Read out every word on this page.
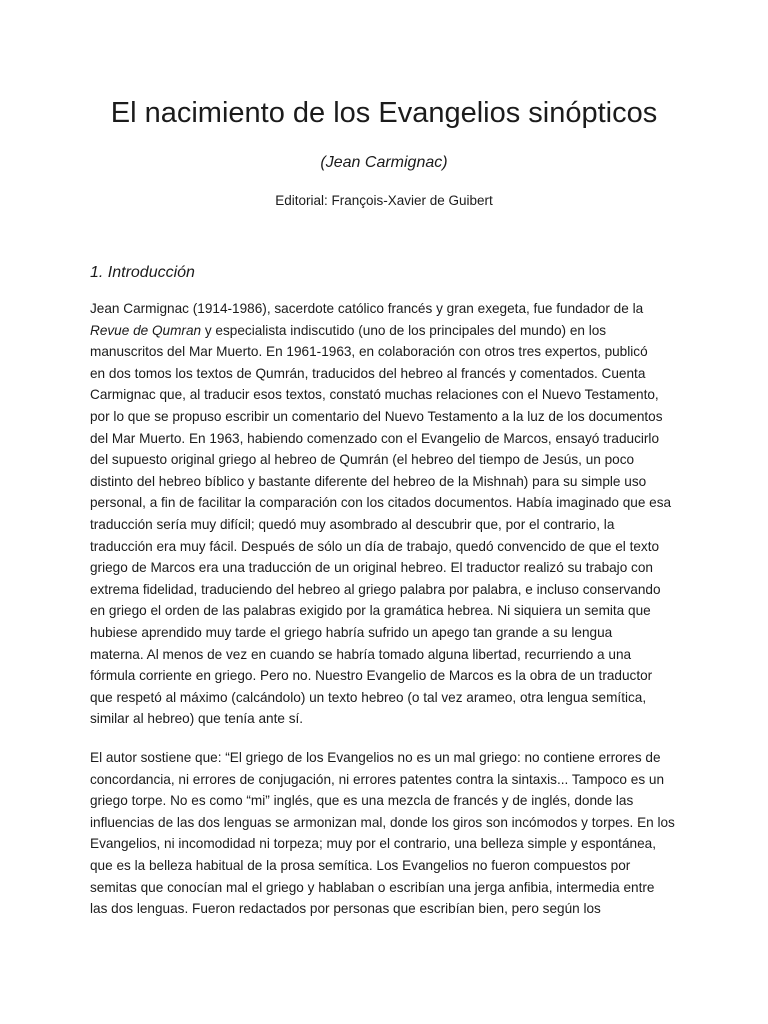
El nacimiento de los Evangelios sinópticos
(Jean Carmignac)
Editorial: François-Xavier de Guibert
1. Introducción

Jean Carmignac (1914-1986), sacerdote católico francés y gran exegeta, fue fundador de la
Revue de Qumran y especialista indiscutido (uno de los principales del mundo) en los
manuscritos del Mar Muerto. En 1961-1963, en colaboración con otros tres expertos, publicó
en dos tomos los textos de Qumrán, traducidos del hebreo al francés y comentados. Cuenta
Carmignac que, al traducir esos textos, constató muchas relaciones con el Nuevo Testamento,
por lo que se propuso escribir un comentario del Nuevo Testamento a la luz de los documentos
del Mar Muerto. En 1963, habiendo comenzado con el Evangelio de Marcos, ensayó traducirlo
del supuesto original griego al hebreo de Qumrán (el hebreo del tiempo de Jesús, un poco
distinto del hebreo bíblico y bastante diferente del hebreo de la Mishnah) para su simple uso
personal, a fin de facilitar la comparación con los citados documentos. Había imaginado que esa
traducción sería muy difícil; quedó muy asombrado al descubrir que, por el contrario, la
traducción era muy fácil. Después de sólo un día de trabajo, quedó convencido de que el texto
griego de Marcos era una traducción de un original hebreo. El traductor realizó su trabajo con
extrema fidelidad, traduciendo del hebreo al griego palabra por palabra, e incluso conservando
en griego el orden de las palabras exigido por la gramática hebrea. Ni siquiera un semita que
hubiese aprendido muy tarde el griego habría sufrido un apego tan grande a su lengua
materna. Al menos de vez en cuando se habría tomado alguna libertad, recurriendo a una
fórmula corriente en griego. Pero no. Nuestro Evangelio de Marcos es la obra de un traductor
que respetó al máximo (calcándolo) un texto hebreo (o tal vez arameo, otra lengua semítica,
similar al hebreo) que tenía ante sí.

El autor sostiene que: “El griego de los Evangelios no es un mal griego: no contiene errores de
concordancia, ni errores de conjugación, ni errores patentes contra la sintaxis... Tampoco es un
griego torpe. No es como “mi” inglés, que es una mezcla de francés y de inglés, donde las
influencias de las dos lenguas se armonizan mal, donde los giros son incómodos y torpes. En los
Evangelios, ni incomodidad ni torpeza; muy por el contrario, una belleza simple y espontánea,
que es la belleza habitual de la prosa semítica. Los Evangelios no fueron compuestos por
semitas que conocían mal el griego y hablaban o escribían una jerga anfibia, intermedia entre
las dos lenguas. Fueron redactados por personas que escribían bien, pero según los
